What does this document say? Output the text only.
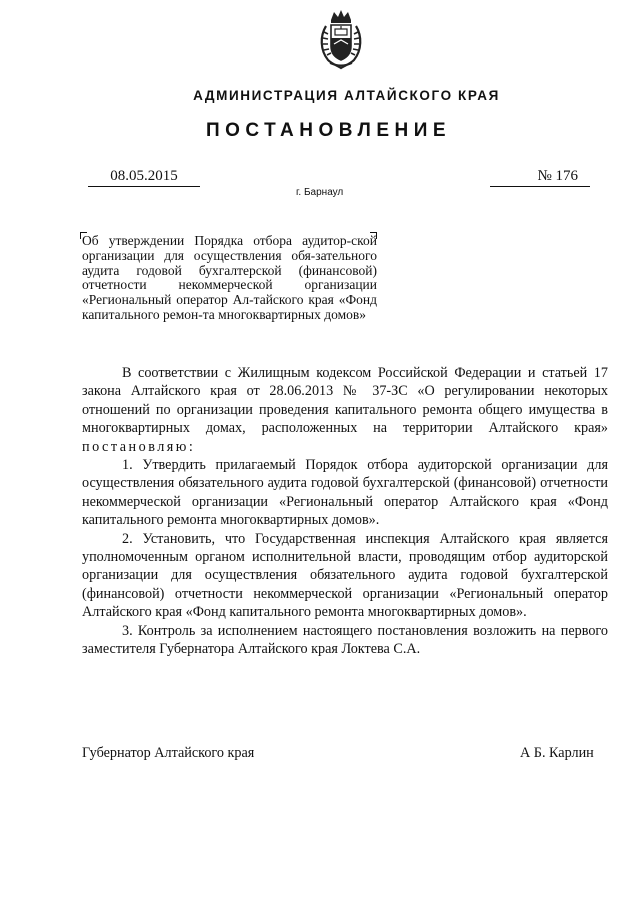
АДМИНИСТРАЦИЯ АЛТАЙСКОГО КРАЯ
ПОСТАНОВЛЕНИЕ
08.05.2015	№ 176
г. Барнаул
Об утверждении Порядка отбора аудитор-ской организации для осуществления обя-зательного аудита годовой бухгалтерской (финансовой) отчетности некоммерческой организации «Региональный оператор Ал-тайского края «Фонд капитального ремон-та многоквартирных домов»

В соответствии с Жилищным кодексом Российской Федерации и статьей 17 закона Алтайского края от 28.06.2013 № 37-ЗС «О регулировании некоторых отношений по организации проведения капитального ремонта общего имущества в многоквартирных домах, расположенных на территории Алтайского края» постановляю:

1. Утвердить прилагаемый Порядок отбора аудиторской организации для осуществления обязательного аудита годовой бухгалтерской (финансовой) отчетности некоммерческой организации «Региональный оператор Алтайского края «Фонд капитального ремонта многоквартирных домов».

2. Установить, что Государственная инспекция Алтайского края является уполномоченным органом исполнительной власти, проводящим отбор аудиторской организации для осуществления обязательного аудита годовой бухгалтерской (финансовой) отчетности некоммерческой организации «Региональный оператор Алтайского края «Фонд капитального ремонта многоквартирных домов».

3. Контроль за исполнением настоящего постановления возложить на первого заместителя Губернатора Алтайского края Локтева С.А.

Губернатор Алтайского края	А Б. Карлин
